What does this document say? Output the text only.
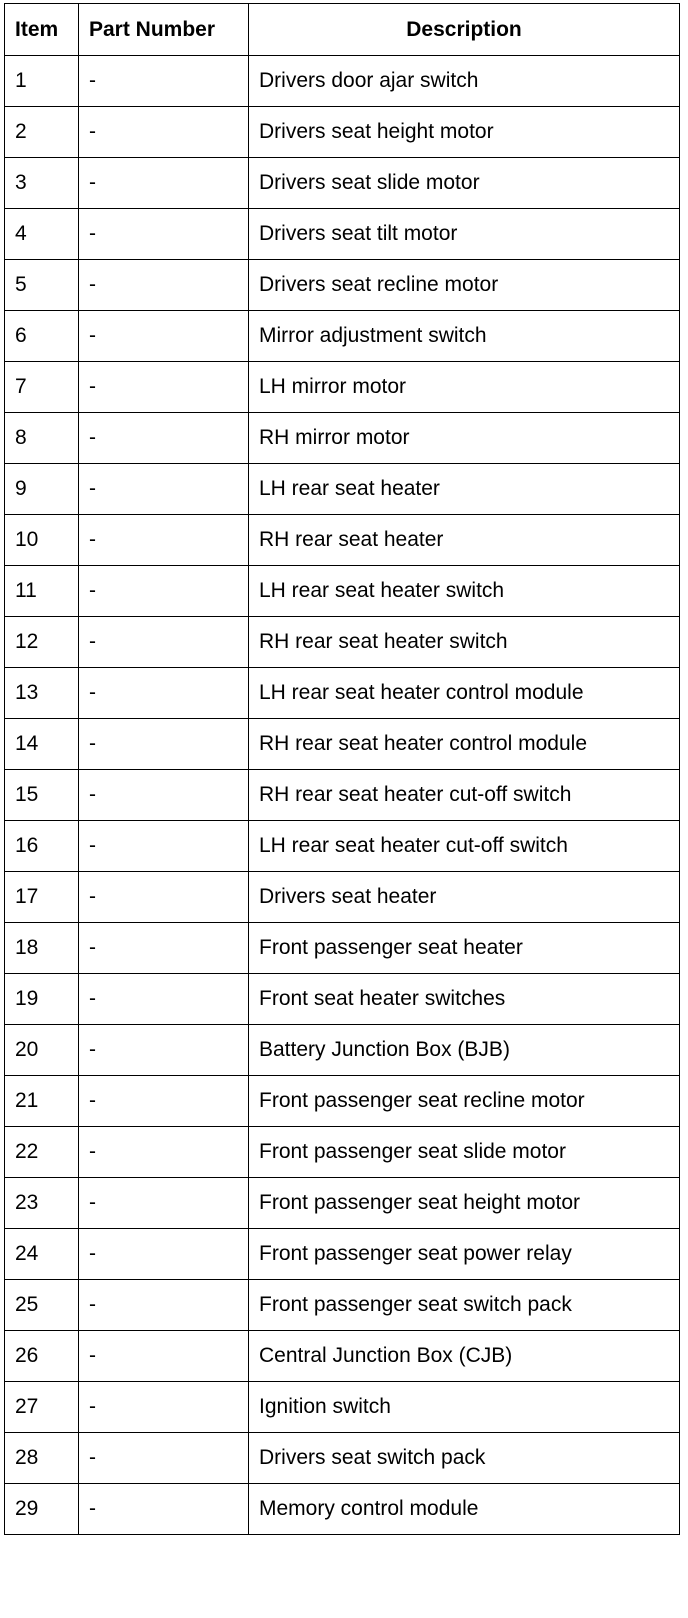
Item	Part Number	Description
1	-	Drivers door ajar switch
2	-	Drivers seat height motor
3	-	Drivers seat slide motor
4	-	Drivers seat tilt motor
5	-	Drivers seat recline motor
6	-	Mirror adjustment switch
7	-	LH mirror motor
8	-	RH mirror motor
9	-	LH rear seat heater
10	-	RH rear seat heater
11	-	LH rear seat heater switch
12	-	RH rear seat heater switch
13	-	LH rear seat heater control module
14	-	RH rear seat heater control module
15	-	RH rear seat heater cut-off switch
16	-	LH rear seat heater cut-off switch
17	-	Drivers seat heater
18	-	Front passenger seat heater
19	-	Front seat heater switches
20	-	Battery Junction Box (BJB)
21	-	Front passenger seat recline motor
22	-	Front passenger seat slide motor
23	-	Front passenger seat height motor
24	-	Front passenger seat power relay
25	-	Front passenger seat switch pack
26	-	Central Junction Box (CJB)
27	-	Ignition switch
28	-	Drivers seat switch pack
29	-	Memory control module
